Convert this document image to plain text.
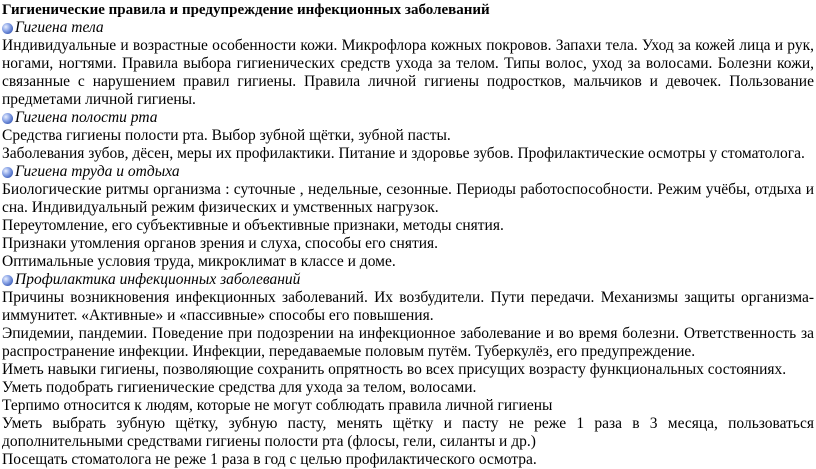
Гигиенические правила и предупреждение инфекционных заболеваний

Гигиена тела

Индивидуальные и возрастные особенности кожи. Микрофлора кожных покровов. Запахи тела. Уход за кожей лица и рук, ногами, ногтями. Правила выбора гигиенических средств ухода за телом. Типы волос, уход за волосами. Болезни кожи, связанные с нарушением правил гигиены. Правила личной гигиены подростков, мальчиков и девочек. Пользование предметами личной гигиены.

Гигиена полости рта

Средства гигиены полости рта. Выбор зубной щётки, зубной пасты.

Заболевания зубов, дёсен, меры их профилактики. Питание и здоровье зубов. Профилактические осмотры у стоматолога.

Гигиена труда и отдыха

Биологические ритмы организма : суточные , недельные, сезонные. Периоды работоспособности. Режим учёбы, отдыха и сна. Индивидуальный режим физических и умственных нагрузок.

Переутомление, его субъективные и объективные признаки, методы снятия.

Признаки утомления органов зрения и слуха, способы его снятия.

Оптимальные условия труда, микроклимат в классе и доме.

Профилактика инфекционных заболеваний

Причины возникновения инфекционных заболеваний. Их возбудители. Пути передачи. Механизмы защиты организма- иммунитет. «Активные» и «пассивные» способы его повышения.

Эпидемии, пандемии. Поведение при подозрении на инфекционное заболевание и во время болезни. Ответственность за распространение инфекции. Инфекции, передаваемые половым путём. Туберкулёз, его предупреждение.

Иметь навыки гигиены, позволяющие сохранить опрятность во всех присущих возрасту функциональных состояниях.

Уметь подобрать гигиенические средства для ухода за телом, волосами.

Терпимо относится к людям, которые не могут соблюдать правила личной гигиены

Уметь выбрать зубную щётку, зубную пасту, менять щётку и пасту не реже 1 раза в 3 месяца, пользоваться дополнительными средствами гигиены полости рта (флосы, гели, силанты и др.)

Посещать стоматолога не реже 1 раза в год с целью профилактического осмотра.
